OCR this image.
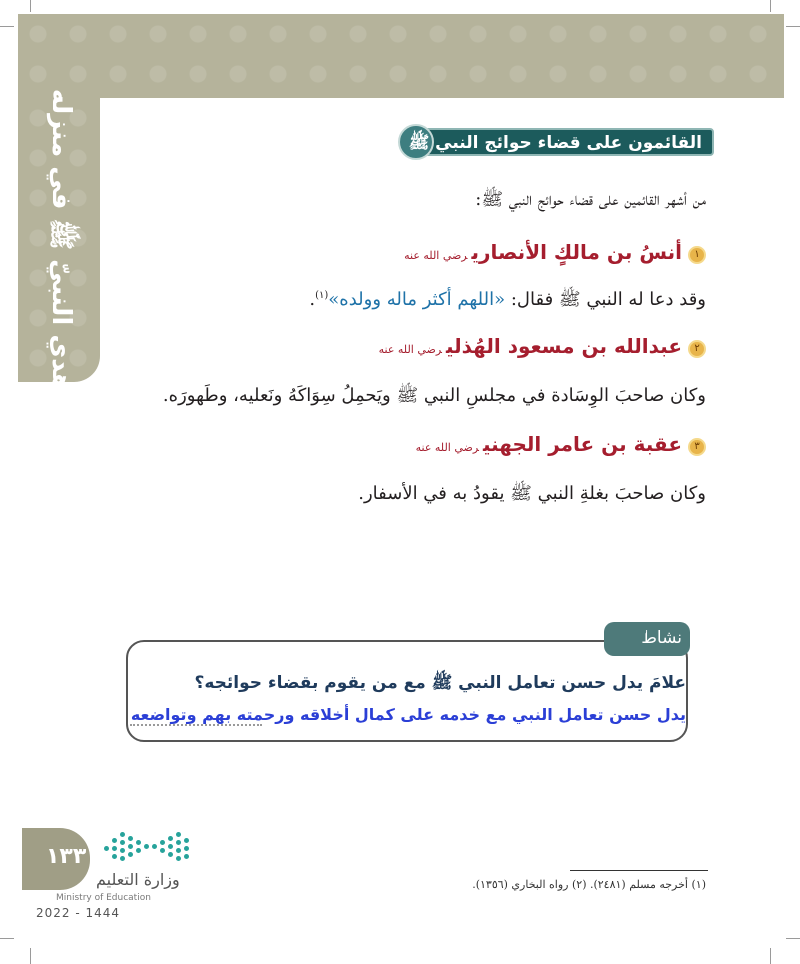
هدي النبيّ ﷺ في منزله	القائمون على قضاء حوائج النبي ﷺ
من أشهر القائمين على قضاء حوائج النبي ﷺ:
١أنسُ بن مالكٍ الأنصاريرضي الله عنه
وقد دعا له النبي ﷺ فقال: «اللهم أكثر ماله وولده»$^{(١)}$.
٢عبدالله بن مسعود الهُذليرضي الله عنه
وكان صاحبَ الوِسَادة في مجلسِ النبي ﷺ ويَحمِلُ سِوَاكَهُ ونَعليه، وطَهورَه.
٣عقبة بن عامر الجهنيرضي الله عنه
وكان صاحبَ بغلةِ النبي ﷺ يقودُ به في الأسفار.
نشاط
?
علامَ يدل حسن تعامل النبي ﷺ مع من يقوم بقضاء حوائجه؟
يدل حسن تعامل النبي مع خدمه على كمال أخلاقه ورحمته بهم وتواضعه
١٣٣
وزارة التعليم
Ministry of Education
2022 - 1444
(١) أخرجه مسلم (٢٤٨١). (٢) رواه البخاري (١٣٥٦).
